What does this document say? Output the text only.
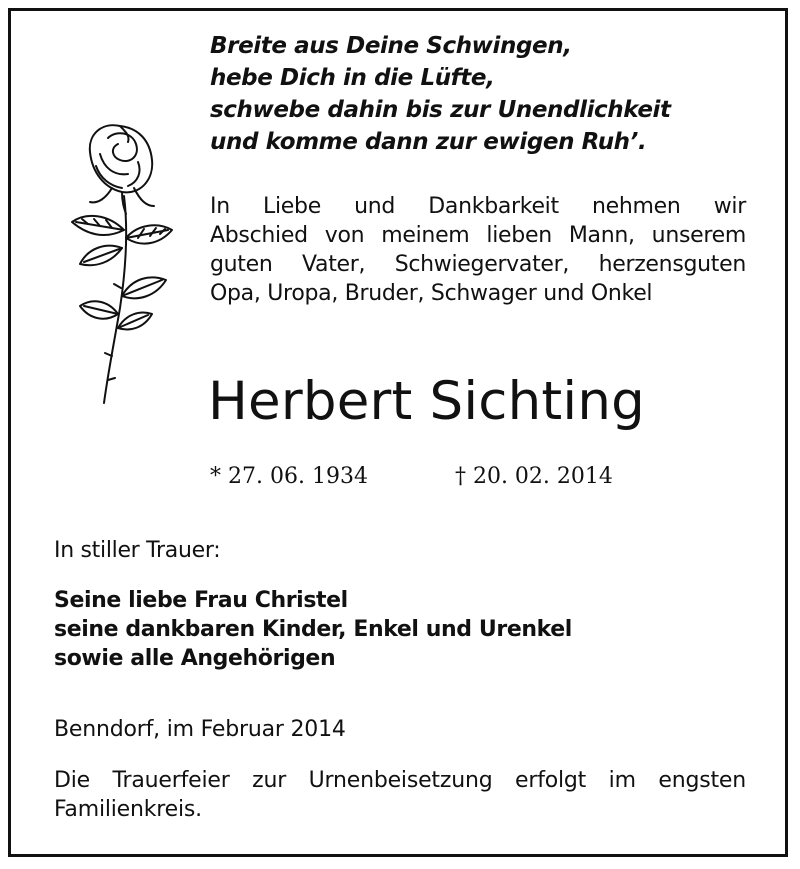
Breite aus Deine Schwingen,
hebe Dich in die Lüfte,
schwebe dahin bis zur Unendlichkeit
und komme dann zur ewigen Ruh’.
In Liebe und Dankbarkeit nehmen wir
Abschied von meinem lieben Mann, unserem
guten Vater, Schwiegervater, herzensguten
Opa, Uropa, Bruder, Schwager und Onkel
Herbert Sichting
* 27. 06. 1934	† 20. 02. 2014
In stiller Trauer:
Seine liebe Frau Christel
seine dankbaren Kinder, Enkel und Urenkel
sowie alle Angehörigen
Benndorf, im Februar 2014
Die Trauerfeier zur Urnenbeisetzung erfolgt im engsten
Familienkreis.
